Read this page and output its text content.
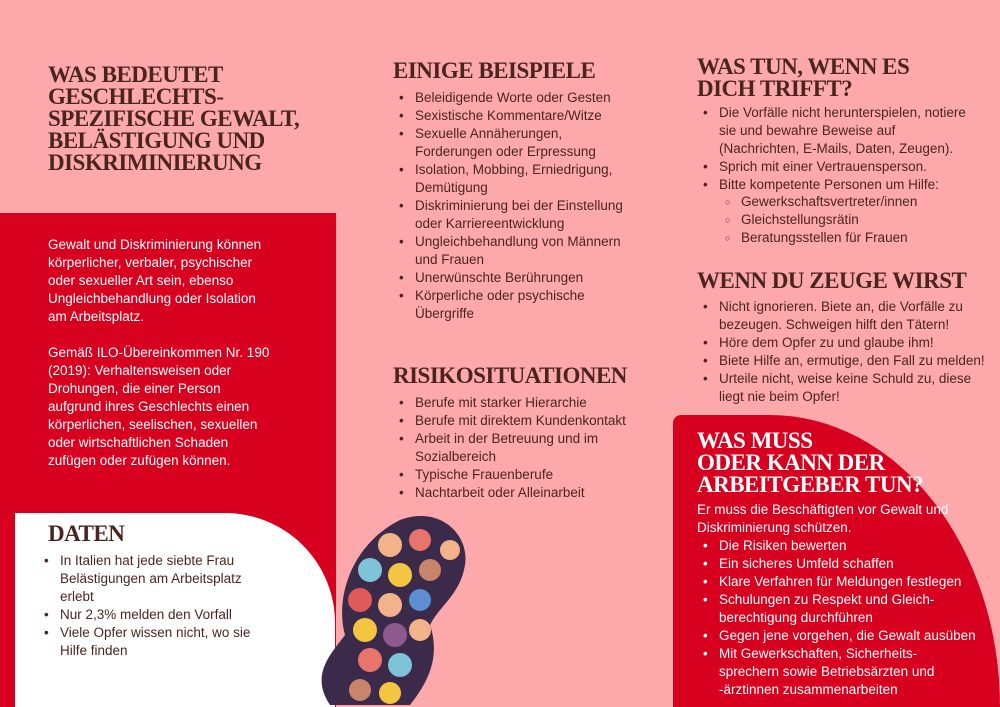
WAS BEDEUTET
GESCHLECHTS-
SPEZIFISCHE GEWALT,
BELÄSTIGUNG UND
DISKRIMINIERUNG

Gewalt und Diskriminierung können körperlicher, verbaler, psychischer oder sexueller Art sein, ebenso Ungleichbehandlung oder Isolation am Arbeitsplatz.

Gemäß ILO-Übereinkommen Nr. 190 (2019): Verhaltensweisen oder Drohungen, die einer Person aufgrund ihres Geschlechts einen körperlichen, seelischen, sexuellen oder wirtschaftlichen Schaden zufügen oder zufügen können.

DATEN
• In Italien hat jede siebte Frau Belästigungen am Arbeitsplatz erlebt
• Nur 2,3% melden den Vorfall
• Viele Opfer wissen nicht, wo sie Hilfe finden
EINIGE BEISPIELE
• Beleidigende Worte oder Gesten
• Sexistische Kommentare/Witze
• Sexuelle Annäherungen, Forderungen oder Erpressung
• Isolation, Mobbing, Erniedrigung, Demütigung
• Diskriminierung bei der Einstellung oder Karriereentwicklung
• Ungleichbehandlung von Männern und Frauen
• Unerwünschte Berührungen
• Körperliche oder psychische Übergriffe
RISIKOSITUATIONEN
• Berufe mit starker Hierarchie
• Berufe mit direktem Kundenkontakt
• Arbeit in der Betreuung und im Sozialbereich
• Typische Frauenberufe
• Nachtarbeit oder Alleinarbeit
WAS TUN, WENN ES DICH TRIFFT?
• Die Vorfälle nicht herunterspielen, notiere sie und bewahre Beweise auf (Nachrichten, E-Mails, Daten, Zeugen).
• Sprich mit einer Vertrauensperson.
• Bitte kompetente Personen um Hilfe:
○ Gewerkschaftsvertreter/innen
○ Gleichstellungsrätin
○ Beratungsstellen für Frauen
WENN DU ZEUGE WIRST
• Nicht ignorieren. Biete an, die Vorfälle zu bezeugen. Schweigen hilft den Tätern!
• Höre dem Opfer zu und glaube ihm!
• Biete Hilfe an, ermutige, den Fall zu melden!
• Urteile nicht, weise keine Schuld zu, diese liegt nie beim Opfer!
WAS MUSS
ODER KANN DER
ARBEITGEBER TUN?

Er muss die Beschäftigten vor Gewalt und Diskriminierung schützen.

• Die Risiken bewerten
• Ein sicheres Umfeld schaffen
• Klare Verfahren für Meldungen festlegen
• Schulungen zu Respekt und Gleich-berechtigung durchführen
• Gegen jene vorgehen, die Gewalt ausüben
• Mit Gewerkschaften, Sicherheits-sprechern sowie Betriebsärzten und -ärztinnen zusammenarbeiten
